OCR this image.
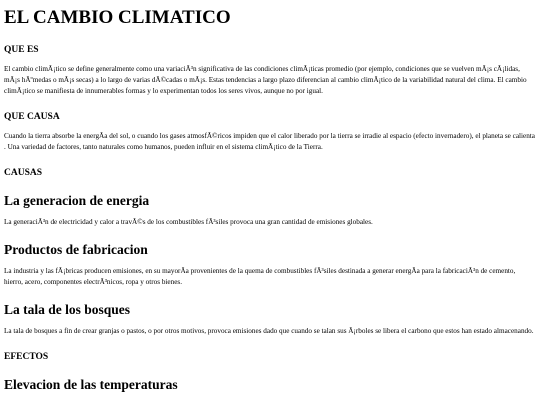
EL CAMBIO CLIMATICO
QUE ES

El cambio climÃ¡tico se define generalmente como una variaciÃ³n significativa de las condiciones climÃ¡ticas promedio (por ejemplo, condiciones que se vuelven mÃ¡s cÃ¡lidas, mÃ¡s hÃºmedas o mÃ¡s secas) a lo largo de varias dÃ©cadas o mÃ¡s. Estas tendencias a largo plazo diferencian al cambio climÃ¡tico de la variabilidad natural del clima. El cambio climÃ¡tico se manifiesta de innumerables formas y lo experimentan todos los seres vivos, aunque no por igual.

QUE CAUSA

Cuando la tierra absorbe la energÃa del sol, o cuando los gases atmosfÃ©ricos impiden que el calor liberado por la tierra se irradie al espacio (efecto invernadero), el planeta se calienta . Una variedad de factores, tanto naturales como humanos, pueden influir en el sistema climÃ¡tico de la Tierra.

CAUSAS
La generacion de energia

La generaciÃ³n de electricidad y calor a travÃ©s de los combustibles fÃ³siles provoca una gran cantidad de emisiones globales.

Productos de fabricacion

La industria y las fÃ¡bricas producen emisiones, en su mayorÃa provenientes de la quema de combustibles fÃ³siles destinada a generar energÃa para la fabricaciÃ³n de cemento, hierro, acero, componentes electrÃ³nicos, ropa y otros bienes.

La tala de los bosques

La tala de bosques a fin de crear granjas o pastos, o por otros motivos, provoca emisiones dado que cuando se talan sus Ã¡rboles se libera el carbono que estos han estado almacenando.

EFECTOS
Elevacion de las temperaturas
